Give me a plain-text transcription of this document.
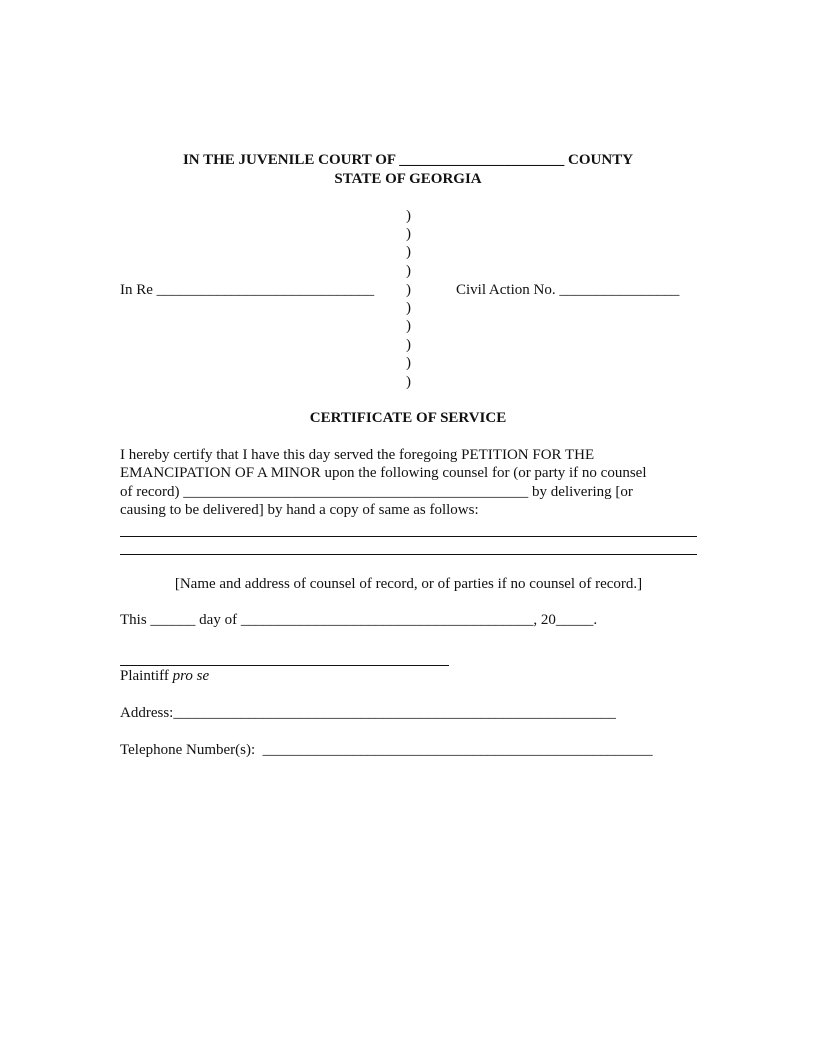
IN THE JUVENILE COURT OF ______________________ COUNTY
STATE OF GEORGIA
)
)
)
)
)
)
)
)
)
)
In Re _____________________________	Civil Action No. ________________
CERTIFICATE OF SERVICE
I hereby certify that I have this day served the foregoing PETITION FOR THE
EMANCIPATION OF A MINOR upon the following counsel for (or party if no counsel
of record) ______________________________________________ by delivering [or
causing to be delivered] by hand a copy of same as follows:
[Name and address of counsel of record, or of parties if no counsel of record.]
This ______ day of _______________________________________, 20_____.
Plaintiff pro se
Address:___________________________________________________________
Telephone Number(s):  ____________________________________________________
